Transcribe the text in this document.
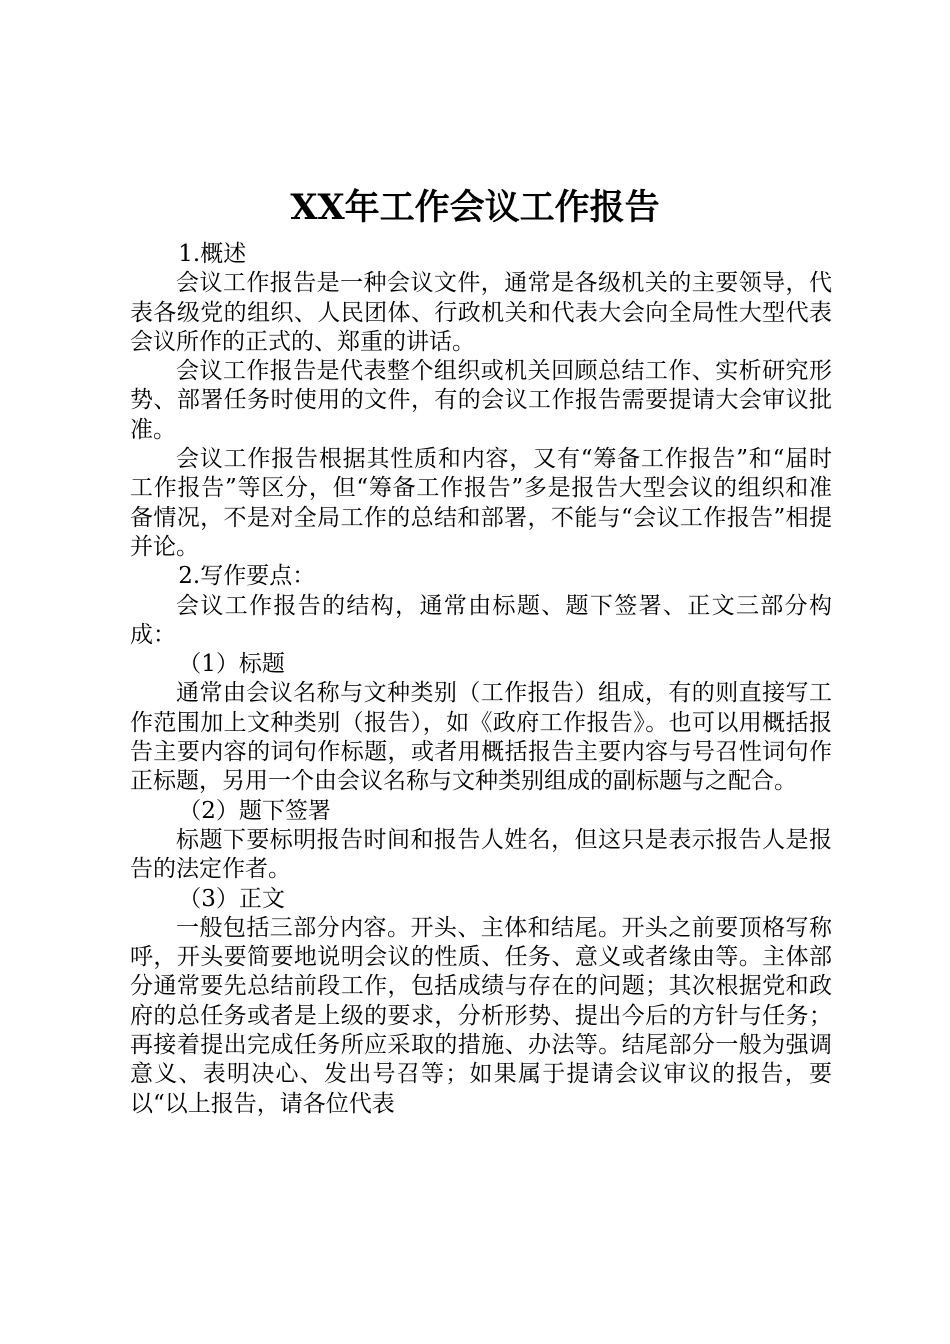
XX年工作会议工作报告

1.概述

会议工作报告是一种会议文件，通常是各级机关的主要领导，代表各级党的组织、人民团体、行政机关和代表大会向全局性大型代表会议所作的正式的、郑重的讲话。

会议工作报告是代表整个组织或机关回顾总结工作、实析研究形势、部署任务时使用的文件，有的会议工作报告需要提请大会审议批准。

会议工作报告根据其性质和内容，又有“筹备工作报告”和“届时工作报告”等区分，但“筹备工作报告”多是报告大型会议的组织和准备情况，不是对全局工作的总结和部署，不能与“会议工作报告”相提并论。

2.写作要点：

会议工作报告的结构，通常由标题、题下签署、正文三部分构成：

（1）标题

通常由会议名称与文种类别（工作报告）组成，有的则直接写工作范围加上文种类别（报告），如《政府工作报告》。也可以用概括报告主要内容的词句作标题，或者用概括报告主要内容与号召性词句作正标题，另用一个由会议名称与文种类别组成的副标题与之配合。

（2）题下签署

标题下要标明报告时间和报告人姓名，但这只是表示报告人是报告的法定作者。

（3）正文

一般包括三部分内容。开头、主体和结尾。开头之前要顶格写称呼，开头要简要地说明会议的性质、任务、意义或者缘由等。主体部分通常要先总结前段工作，包括成绩与存在的问题；其次根据党和政府的总任务或者是上级的要求，分析形势、提出今后的方针与任务；再接着提出完成任务所应采取的措施、办法等。结尾部分一般为强调意义、表明决心、发出号召等；如果属于提请会议审议的报告，要以“以上报告，请各位代表
